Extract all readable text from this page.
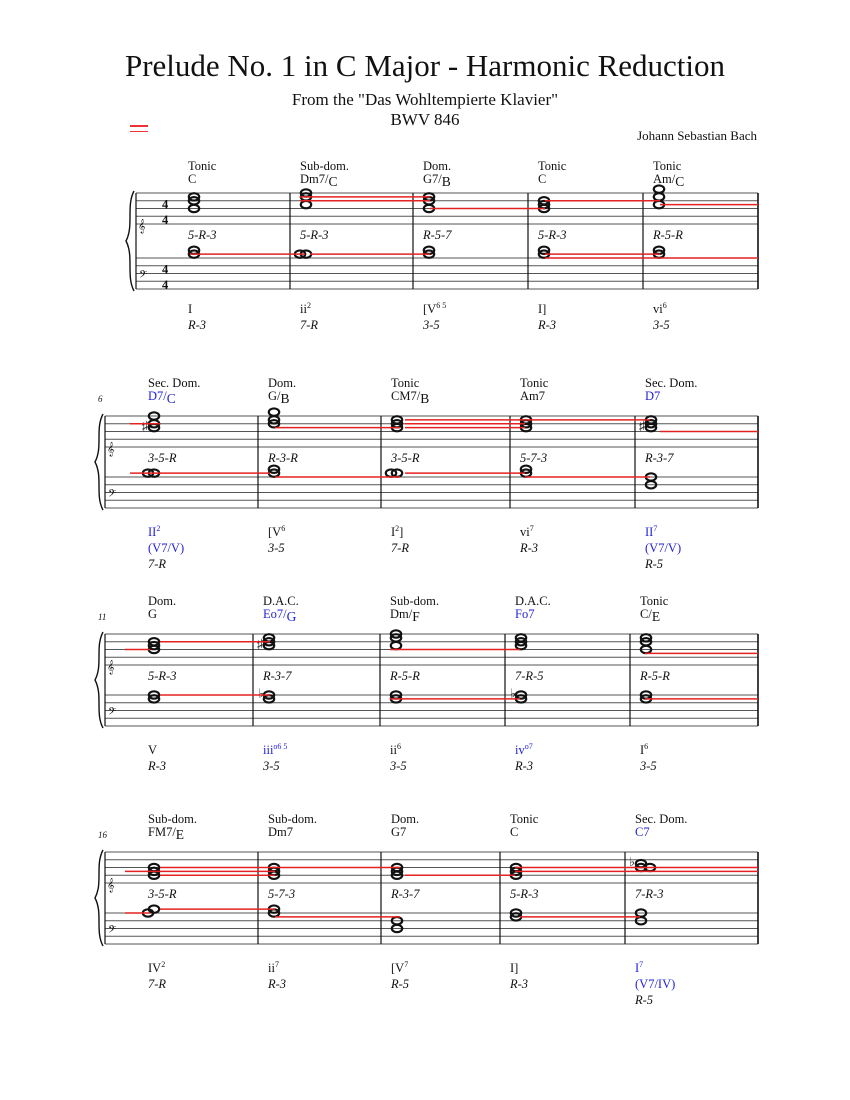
Prelude No. 1 in C Major - Harmonic Reduction
From the "Das Wohltempierte Klavier"
BWV 846
Johann Sebastian Bach
𝄞
𝄢
4
4
4
4
Tonic
C
5-R-3
I
R-3
Sub-dom.
Dm7/C
5-R-3
$ii^2$
7-R
Dom.
G7/B
R-5-7
[$V^{6 5}$
3-5
Tonic
C
5-R-3
I]
R-3
Tonic
Am/C
R-5-R
$vi^6$
3-5
𝄞
𝄢
6
Sec. Dom.
D7/C
♯
3-5-R
$II^2$
(V7/V)
7-R
Dom.
G/B
R-3-R
[$V^6$
3-5
Tonic
CM7/B
3-5-R
$I^2$]
7-R
Tonic
Am7
5-7-3
$vi^7$
R-3
Sec. Dom.
D7
♯
R-3-7
$II^7$
(V7/V)
R-5
𝄞
𝄢
11
Dom.
G
5-R-3
V
R-3
D.A.C.
Eo7/G
♯
♭
R-3-7
iii$^{o6 5}$
3-5
Sub-dom.
Dm/F
R-5-R
$ii^6$
3-5
D.A.C.
Fo7
♭
7-R-5
$iv^{o7}$
R-3
Tonic
C/E
R-5-R
$I^6$
3-5
𝄞
𝄢
16
Sub-dom.
FM7/E
3-5-R
$IV^2$
7-R
Sub-dom.
Dm7
5-7-3
$ii^7$
R-3
Dom.
G7
R-3-7
[$V^7$
R-5
Tonic
C
5-R-3
I]
R-3
Sec. Dom.
C7
♭
7-R-3
$I^7$
(V7/IV)
R-5
